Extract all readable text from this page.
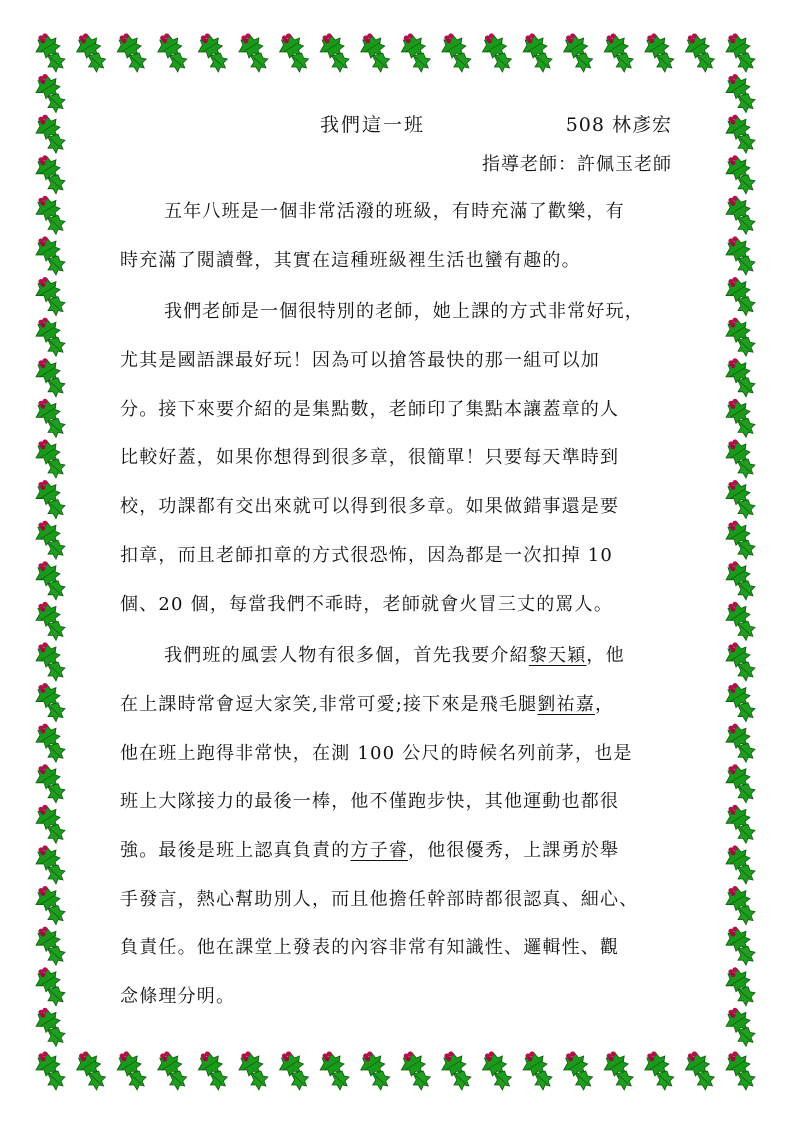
我們這一班	508 林彥宏
指導老師：許佩玉老師
五年八班是一個非常活潑的班級，有時充滿了歡樂，有
時充滿了閱讀聲，其實在這種班級裡生活也蠻有趣的。
我們老師是一個很特別的老師，她上課的方式非常好玩，
尤其是國語課最好玩！因為可以搶答最快的那一組可以加
分。接下來要介紹的是集點數，老師印了集點本讓蓋章的人
比較好蓋，如果你想得到很多章，很簡單！只要每天準時到
校，功課都有交出來就可以得到很多章。如果做錯事還是要
扣章，而且老師扣章的方式很恐怖，因為都是一次扣掉 10
個、20 個，每當我們不乖時，老師就會火冒三丈的罵人。
我們班的風雲人物有很多個，首先我要介紹黎天穎，他
在上課時常會逗大家笑,非常可愛;接下來是飛毛腿劉祐嘉，
他在班上跑得非常快，在測 100 公尺的時候名列前茅，也是
班上大隊接力的最後一棒，他不僅跑步快，其他運動也都很
強。最後是班上認真負責的方子睿，他很優秀，上課勇於舉
手發言，熱心幫助別人，而且他擔任幹部時都很認真、細心、
負責任。他在課堂上發表的內容非常有知識性、邏輯性、觀
念條理分明。
